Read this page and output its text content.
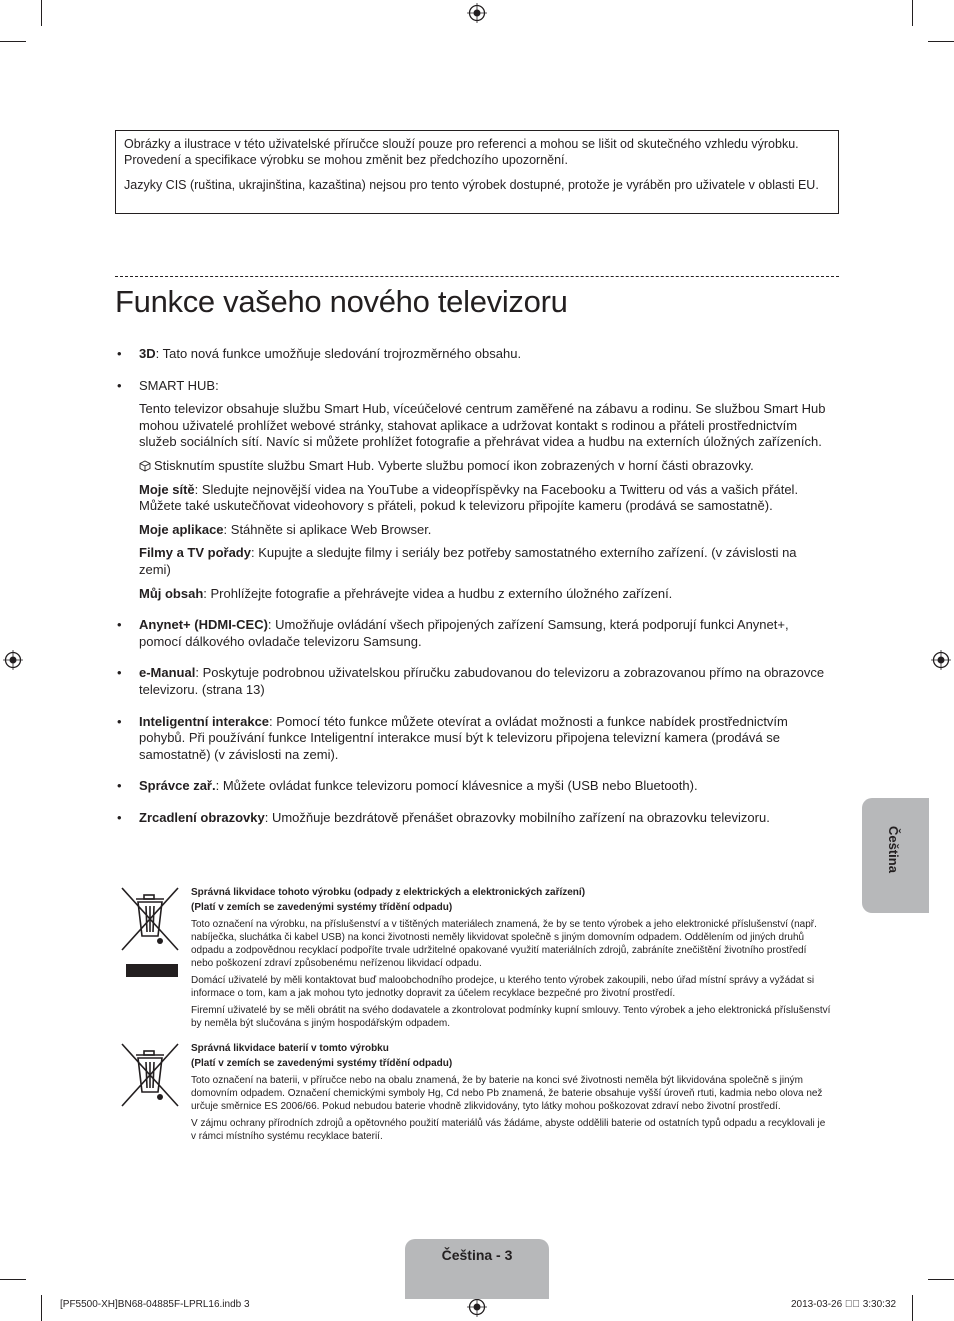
Obrázky a ilustrace v této uživatelské příručce slouží pouze pro referenci a mohou se lišit od skutečného vzhledu výrobku. Provedení a specifikace výrobku se mohou změnit bez předchozího upozornění.

Jazyky CIS (ruština, ukrajinština, kazaština) nejsou pro tento výrobek dostupné, protože je vyráběn pro uživatele v oblasti EU.

Funkce vašeho nového televizoru
• 3D: Tato nová funkce umožňuje sledování trojrozměrného obsahu.
• SMART HUB:

Tento televizor obsahuje službu Smart Hub, víceúčelové centrum zaměřené na zábavu a rodinu. Se službou Smart Hub mohou uživatelé prohlížet webové stránky, stahovat aplikace a udržovat kontakt s rodinou a přáteli prostřednictvím služeb sociálních sítí. Navíc si můžete prohlížet fotografie a přehrávat videa a hudbu na externích úložných zařízeních.

Stisknutím spustíte službu Smart Hub. Vyberte službu pomocí ikon zobrazených v horní části obrazovky.

Moje sítě: Sledujte nejnovější videa na YouTube a videopříspěvky na Facebooku a Twitteru od vás a vašich přátel. Můžete také uskutečňovat videohovory s přáteli, pokud k televizoru připojíte kameru (prodává se samostatně).

Moje aplikace: Stáhněte si aplikace Web Browser.

Filmy a TV pořady: Kupujte a sledujte filmy i seriály bez potřeby samostatného externího zařízení. (v závislosti na zemi)

Můj obsah: Prohlížejte fotografie a přehrávejte videa a hudbu z externího úložného zařízení.

• Anynet+ (HDMI-CEC): Umožňuje ovládání všech připojených zařízení Samsung, která podporují funkci Anynet+, pomocí dálkového ovladače televizoru Samsung.
• e-Manual: Poskytuje podrobnou uživatelskou příručku zabudovanou do televizoru a zobrazovanou přímo na obrazovce televizoru. (strana 13)
• Inteligentní interakce: Pomocí této funkce můžete otevírat a ovládat možnosti a funkce nabídek prostřednictvím pohybů. Při používání funkce Inteligentní interakce musí být k televizoru připojena televizní kamera (prodává se samostatně) (v závislosti na zemi).
• Správce zař.: Můžete ovládat funkce televizoru pomocí klávesnice a myši (USB nebo Bluetooth).
• Zrcadlení obrazovky: Umožňuje bezdrátově přenášet obrazovky mobilního zařízení na obrazovku televizoru.
Čeština
Správná likvidace tohoto výrobku (odpady z elektrických a elektronických zařízení)

(Platí v zemích se zavedenými systémy třídění odpadu)

Toto označení na výrobku, na příslušenství a v tištěných materiálech znamená, že by se tento výrobek a jeho elektronické příslušenství (např. nabíječka, sluchátka či kabel USB) na konci životnosti neměly likvidovat společně s jiným domovním odpadem. Oddělením od jiných druhů odpadu a zodpovědnou recyklací podpoříte trvale udržitelné opakované využití materiálních zdrojů, zabráníte znečištění životního prostředí nebo poškození zdraví způsobenému neřízenou likvidací odpadu.

Domácí uživatelé by měli kontaktovat buď maloobchodního prodejce, u kterého tento výrobek zakoupili, nebo úřad místní správy a vyžádat si informace o tom, kam a jak mohou tyto jednotky dopravit za účelem recyklace bezpečné pro životní prostředí.

Firemní uživatelé by se měli obrátit na svého dodavatele a zkontrolovat podmínky kupní smlouvy. Tento výrobek a jeho elektronická příslušenství by neměla být slučována s jiným hospodářským odpadem.

Správná likvidace baterií v tomto výrobku

(Platí v zemích se zavedenými systémy třídění odpadu)

Toto označení na baterii, v příručce nebo na obalu znamená, že by baterie na konci své životnosti neměla být likvidována společně s jiným domovním odpadem. Označení chemickými symboly Hg, Cd nebo Pb znamená, že baterie obsahuje vyšší úroveň rtuti, kadmia nebo olova než určuje směrnice ES 2006/66. Pokud nebudou baterie vhodně zlikvidovány, tyto látky mohou poškozovat zdraví nebo životní prostředí.

V zájmu ochrany přírodních zdrojů a opětovného použití materiálů vás žádáme, abyste oddělili baterie od ostatních typů odpadu a recyklovali je v rámci místního systému recyklace baterií.

Čeština - 3
[PF5500-XH]BN68-04885F-LPRL16.indb 3	2013-03-26 ￿￿ 3:30:32
